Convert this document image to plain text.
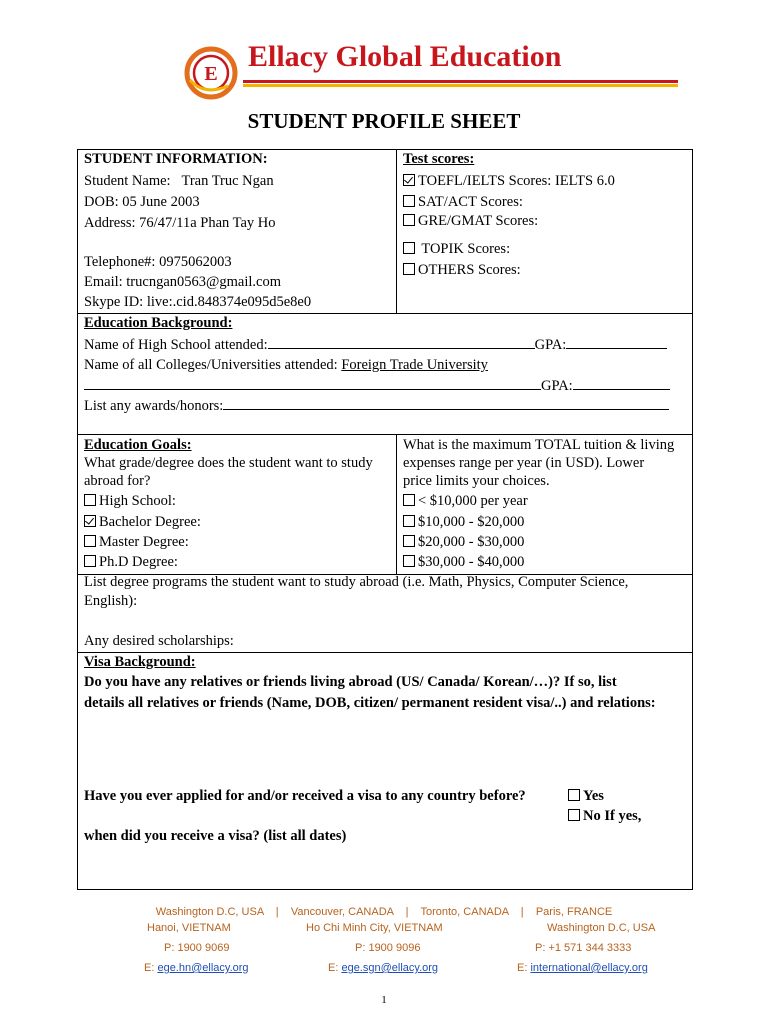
E
Ellacy Global Education
STUDENT PROFILE SHEET
STUDENT INFORMATION:
Student Name: Tran Truc Ngan
DOB: 05 June 2003
Address: 76/47/11a Phan Tay Ho
Telephone#: 0975062003
Email: trucngan0563@gmail.com
Skype ID: live:.cid.848374e095d5e8e0
Test scores:
TOEFL/IELTS Scores: IELTS 6.0
SAT/ACT Scores:
GRE/GMAT Scores:
TOPIK Scores:
OTHERS Scores:
Education Background:
Name of High School attended:	GPA:
Name of all Colleges/Universities attended: Foreign Trade University
GPA:
List any awards/honors:
Education Goals:
What grade/degree does the student want to study
abroad for?
High School:
Bachelor Degree:
Master Degree:
Ph.D Degree:
What is the maximum TOTAL tuition & living
expenses range per year (in USD). Lower
price limits your choices.
< $10,000 per year
$10,000 - $20,000
$20,000 - $30,000
$30,000 - $40,000
List degree programs the student want to study abroad (i.e. Math, Physics, Computer Science,
English):
Any desired scholarships:
Visa Background:
Do you have any relatives or friends living abroad (US/ Canada/ Korean/…)? If so, list
details all relatives or friends (Name, DOB, citizen/ permanent resident visa/..) and relations:
Have you ever applied for and/or received a visa to any country before?	Yes
No If yes,
when did you receive a visa? (list all dates)
Washington D.C, USA    |    Vancouver, CANADA    |    Toronto, CANADA    |    Paris, FRANCE
Hanoi, VIETNAM	Ho Chi Minh City, VIETNAM	Washington D.C, USA
P: 1900 9069	P: 1900 9096	P: +1 571 344 3333
E: ege.hn@ellacy.org	E: ege.sgn@ellacy.org	E: international@ellacy.org
1
